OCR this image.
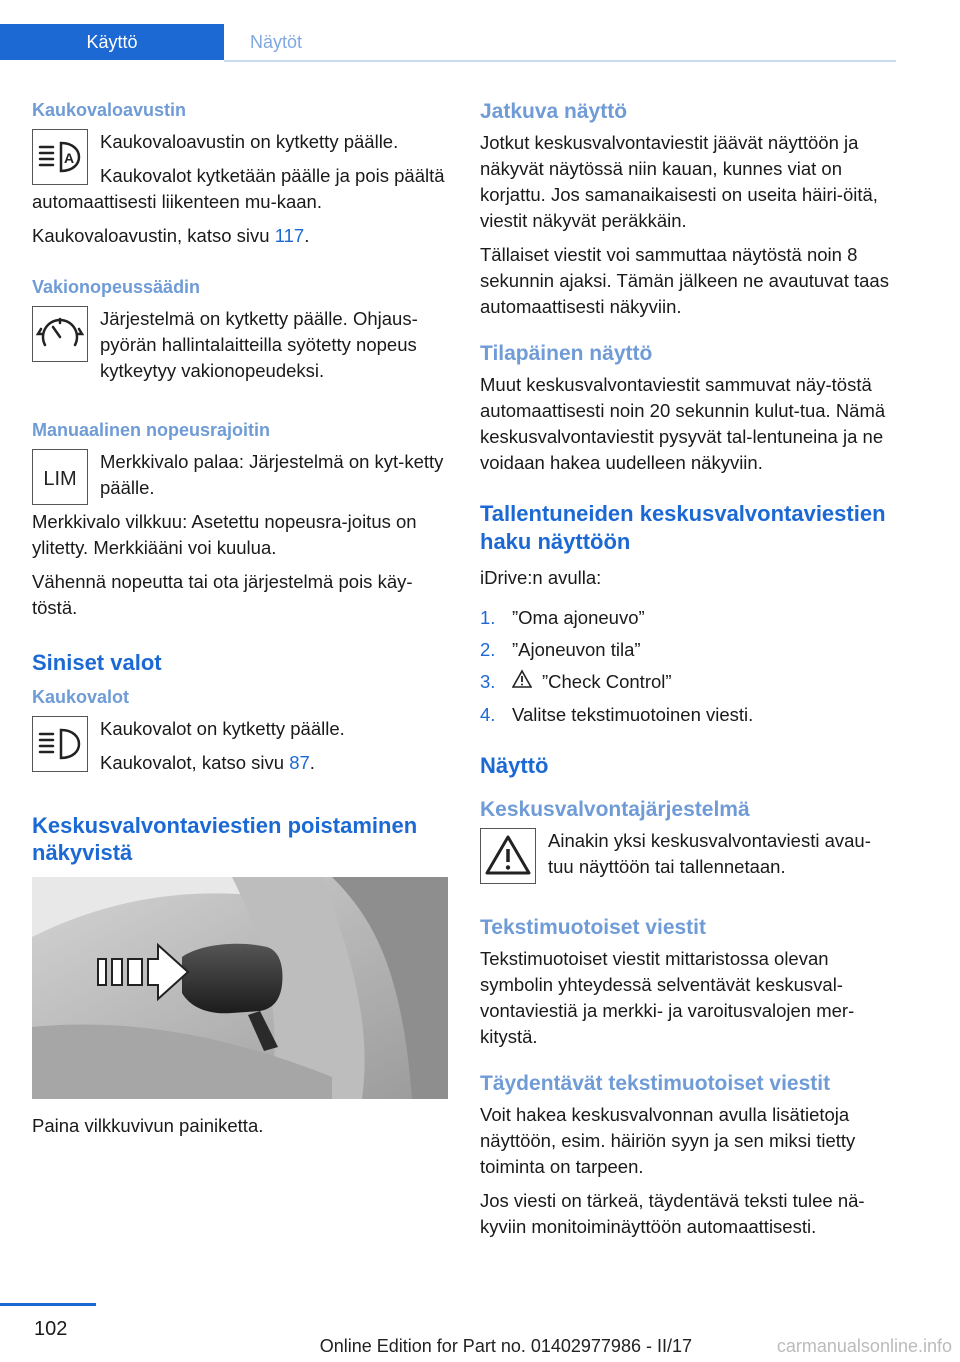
Käyttö	Näytöt
Kaukovaloavustin
A

Kaukovaloavustin on kytketty päälle.

Kaukovalot kytketään päälle ja pois päältä automaattisesti liikenteen mu-kaan.

Kaukovaloavustin, katso sivu 117.

Vakionopeussäädin

Järjestelmä on kytketty päälle. Ohjaus-pyörän hallintalaitteilla syötetty nopeus kytkeytyy vakionopeudeksi.

Manuaalinen nopeusrajoitin
LIM

Merkkivalo palaa: Järjestelmä on kyt-ketty päälle.

Merkkivalo vilkkuu: Asetettu nopeusra-joitus on ylitetty. Merkkiääni voi kuulua.

Vähennä nopeutta tai ota järjestelmä pois käy-töstä.

Siniset valot
Kaukovalot

Kaukovalot on kytketty päälle.

Kaukovalot, katso sivu 87.

Keskusvalvontaviestien poistaminen näkyvistä

Paina vilkkuvivun painiketta.

Jatkuva näyttö

Jotkut keskusvalvontaviestit jäävät näyttöön ja näkyvät näytössä niin kauan, kunnes viat on korjattu. Jos samanaikaisesti on useita häiri-öitä, viestit näkyvät peräkkäin.

Tällaiset viestit voi sammuttaa näytöstä noin 8 sekunnin ajaksi. Tämän jälkeen ne avautuvat taas automaattisesti näkyviin.

Tilapäinen näyttö

Muut keskusvalvontaviestit sammuvat näy-töstä automaattisesti noin 20 sekunnin kulut-tua. Nämä keskusvalvontaviestit pysyvät tal-lentuneina ja ne voidaan hakea uudelleen näkyviin.

Tallentuneiden keskusvalvontaviestien haku näyttöön

iDrive:n avulla:

1. ”Oma ajoneuvo”
2. ”Ajoneuvon tila”
3.	”Check Control”
4. Valitse tekstimuotoinen viesti.
Näyttö
Keskusvalvontajärjestelmä

Ainakin yksi keskusvalvontaviesti avau-tuu näyttöön tai tallennetaan.

Tekstimuotoiset viestit

Tekstimuotoiset viestit mittaristossa olevan symbolin yhteydessä selventävät keskusval-vontaviestiä ja merkki- ja varoitusvalojen mer-kitystä.

Täydentävät tekstimuotoiset viestit

Voit hakea keskusvalvonnan avulla lisätietoja näyttöön, esim. häiriön syyn ja sen miksi tietty toiminta on tarpeen.

Jos viesti on tärkeä, täydentävä teksti tulee nä-kyviin monitoiminäyttöön automaattisesti.

102
Online Edition for Part no. 01402977986 - II/17	carmanualsonline.info
